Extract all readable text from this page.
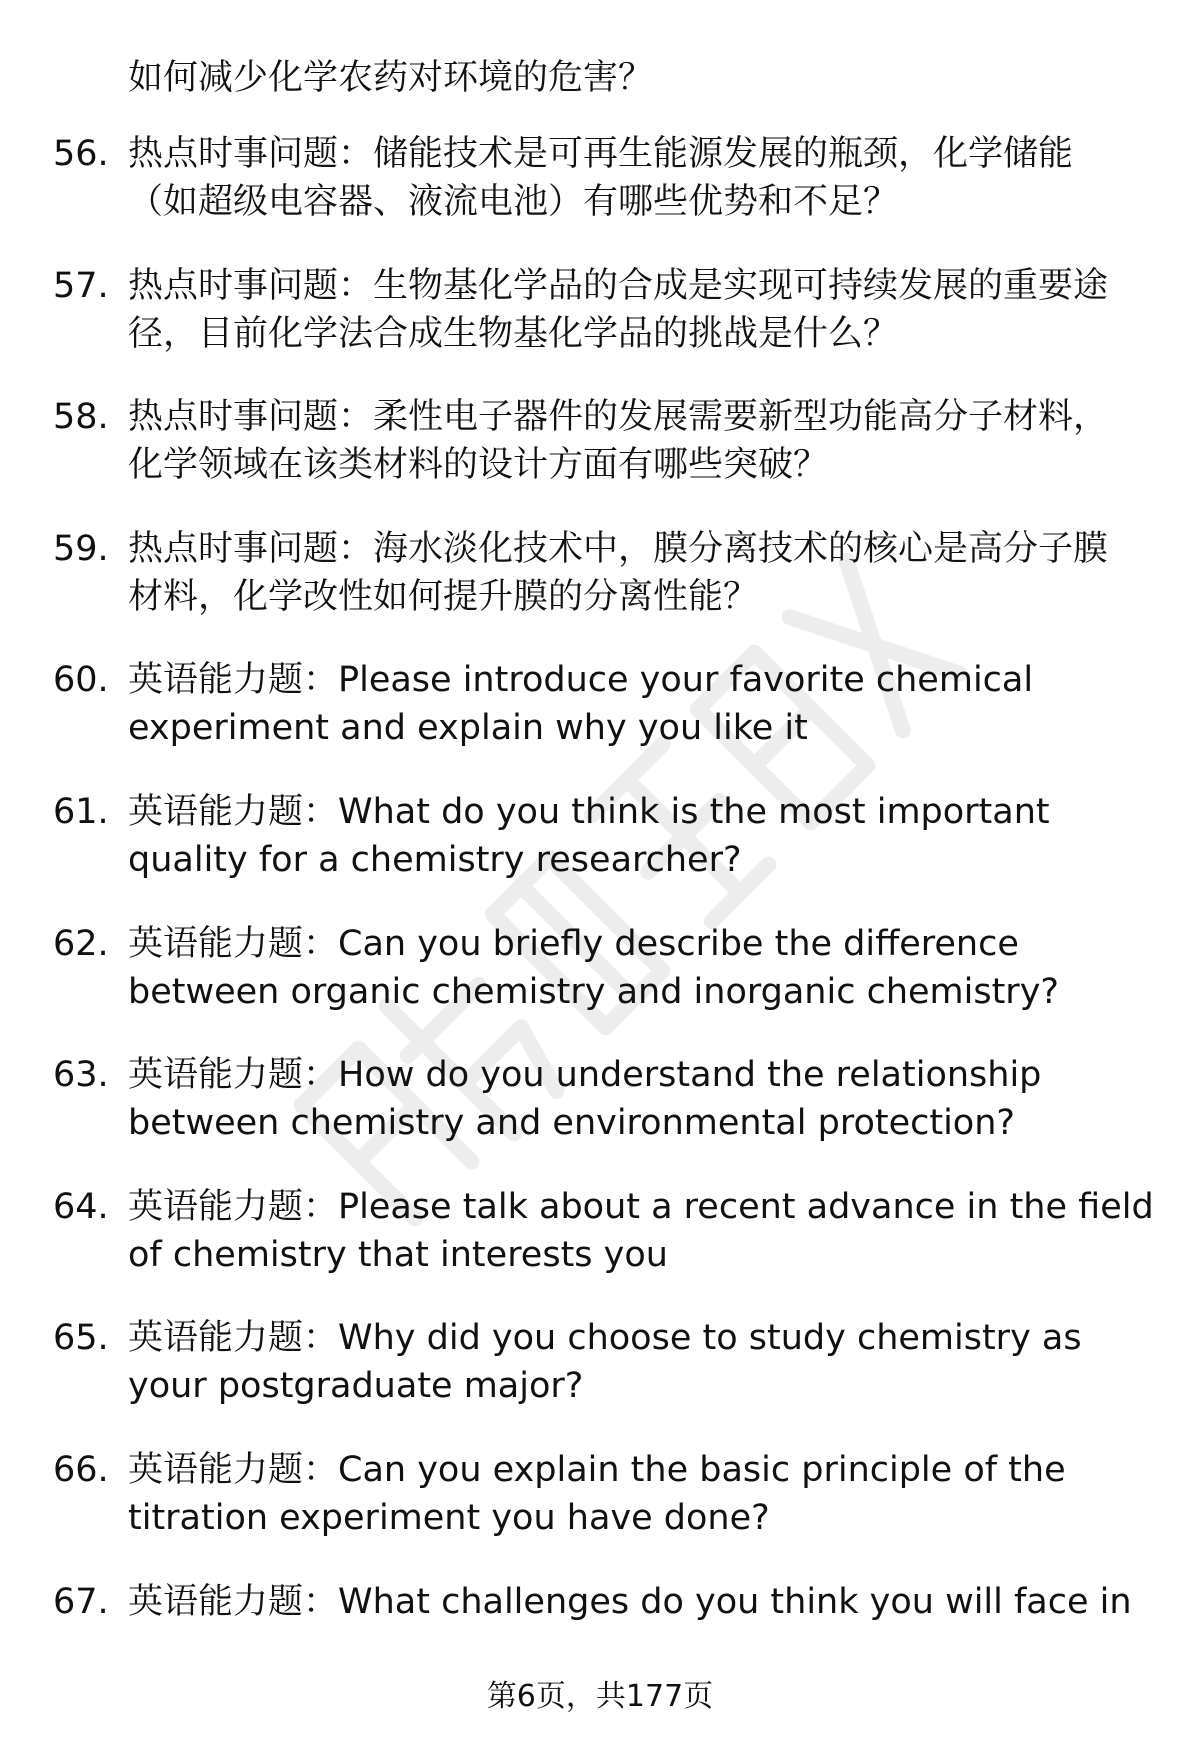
如何减少化学农药对环境的危害？
56. 热点时事问题：储能技术是可再生能源发展的瓶颈，化学储能
（如超级电容器、液流电池）有哪些优势和不足？
57. 热点时事问题：生物基化学品的合成是实现可持续发展的重要途
径，目前化学法合成生物基化学品的挑战是什么？
58. 热点时事问题：柔性电子器件的发展需要新型功能高分子材料，
化学领域在该类材料的设计方面有哪些突破？
59. 热点时事问题：海水淡化技术中，膜分离技术的核心是高分子膜
材料，化学改性如何提升膜的分离性能？
60. 英语能力题：Please introduce your favorite chemical
experiment and explain why you like it
61. 英语能力题：What do you think is the most important
quality for a chemistry researcher?
62. 英语能力题：Can you briefly describe the difference
between organic chemistry and inorganic chemistry?
63. 英语能力题：How do you understand the relationship
between chemistry and environmental protection?
64. 英语能力题：Please talk about a recent advance in the field
of chemistry that interests you
65. 英语能力题：Why did you choose to study chemistry as
your postgraduate major?
66. 英语能力题：Can you explain the basic principle of the
titration experiment you have done?
67. 英语能力题：What challenges do you think you will face in
第6页，共177页
